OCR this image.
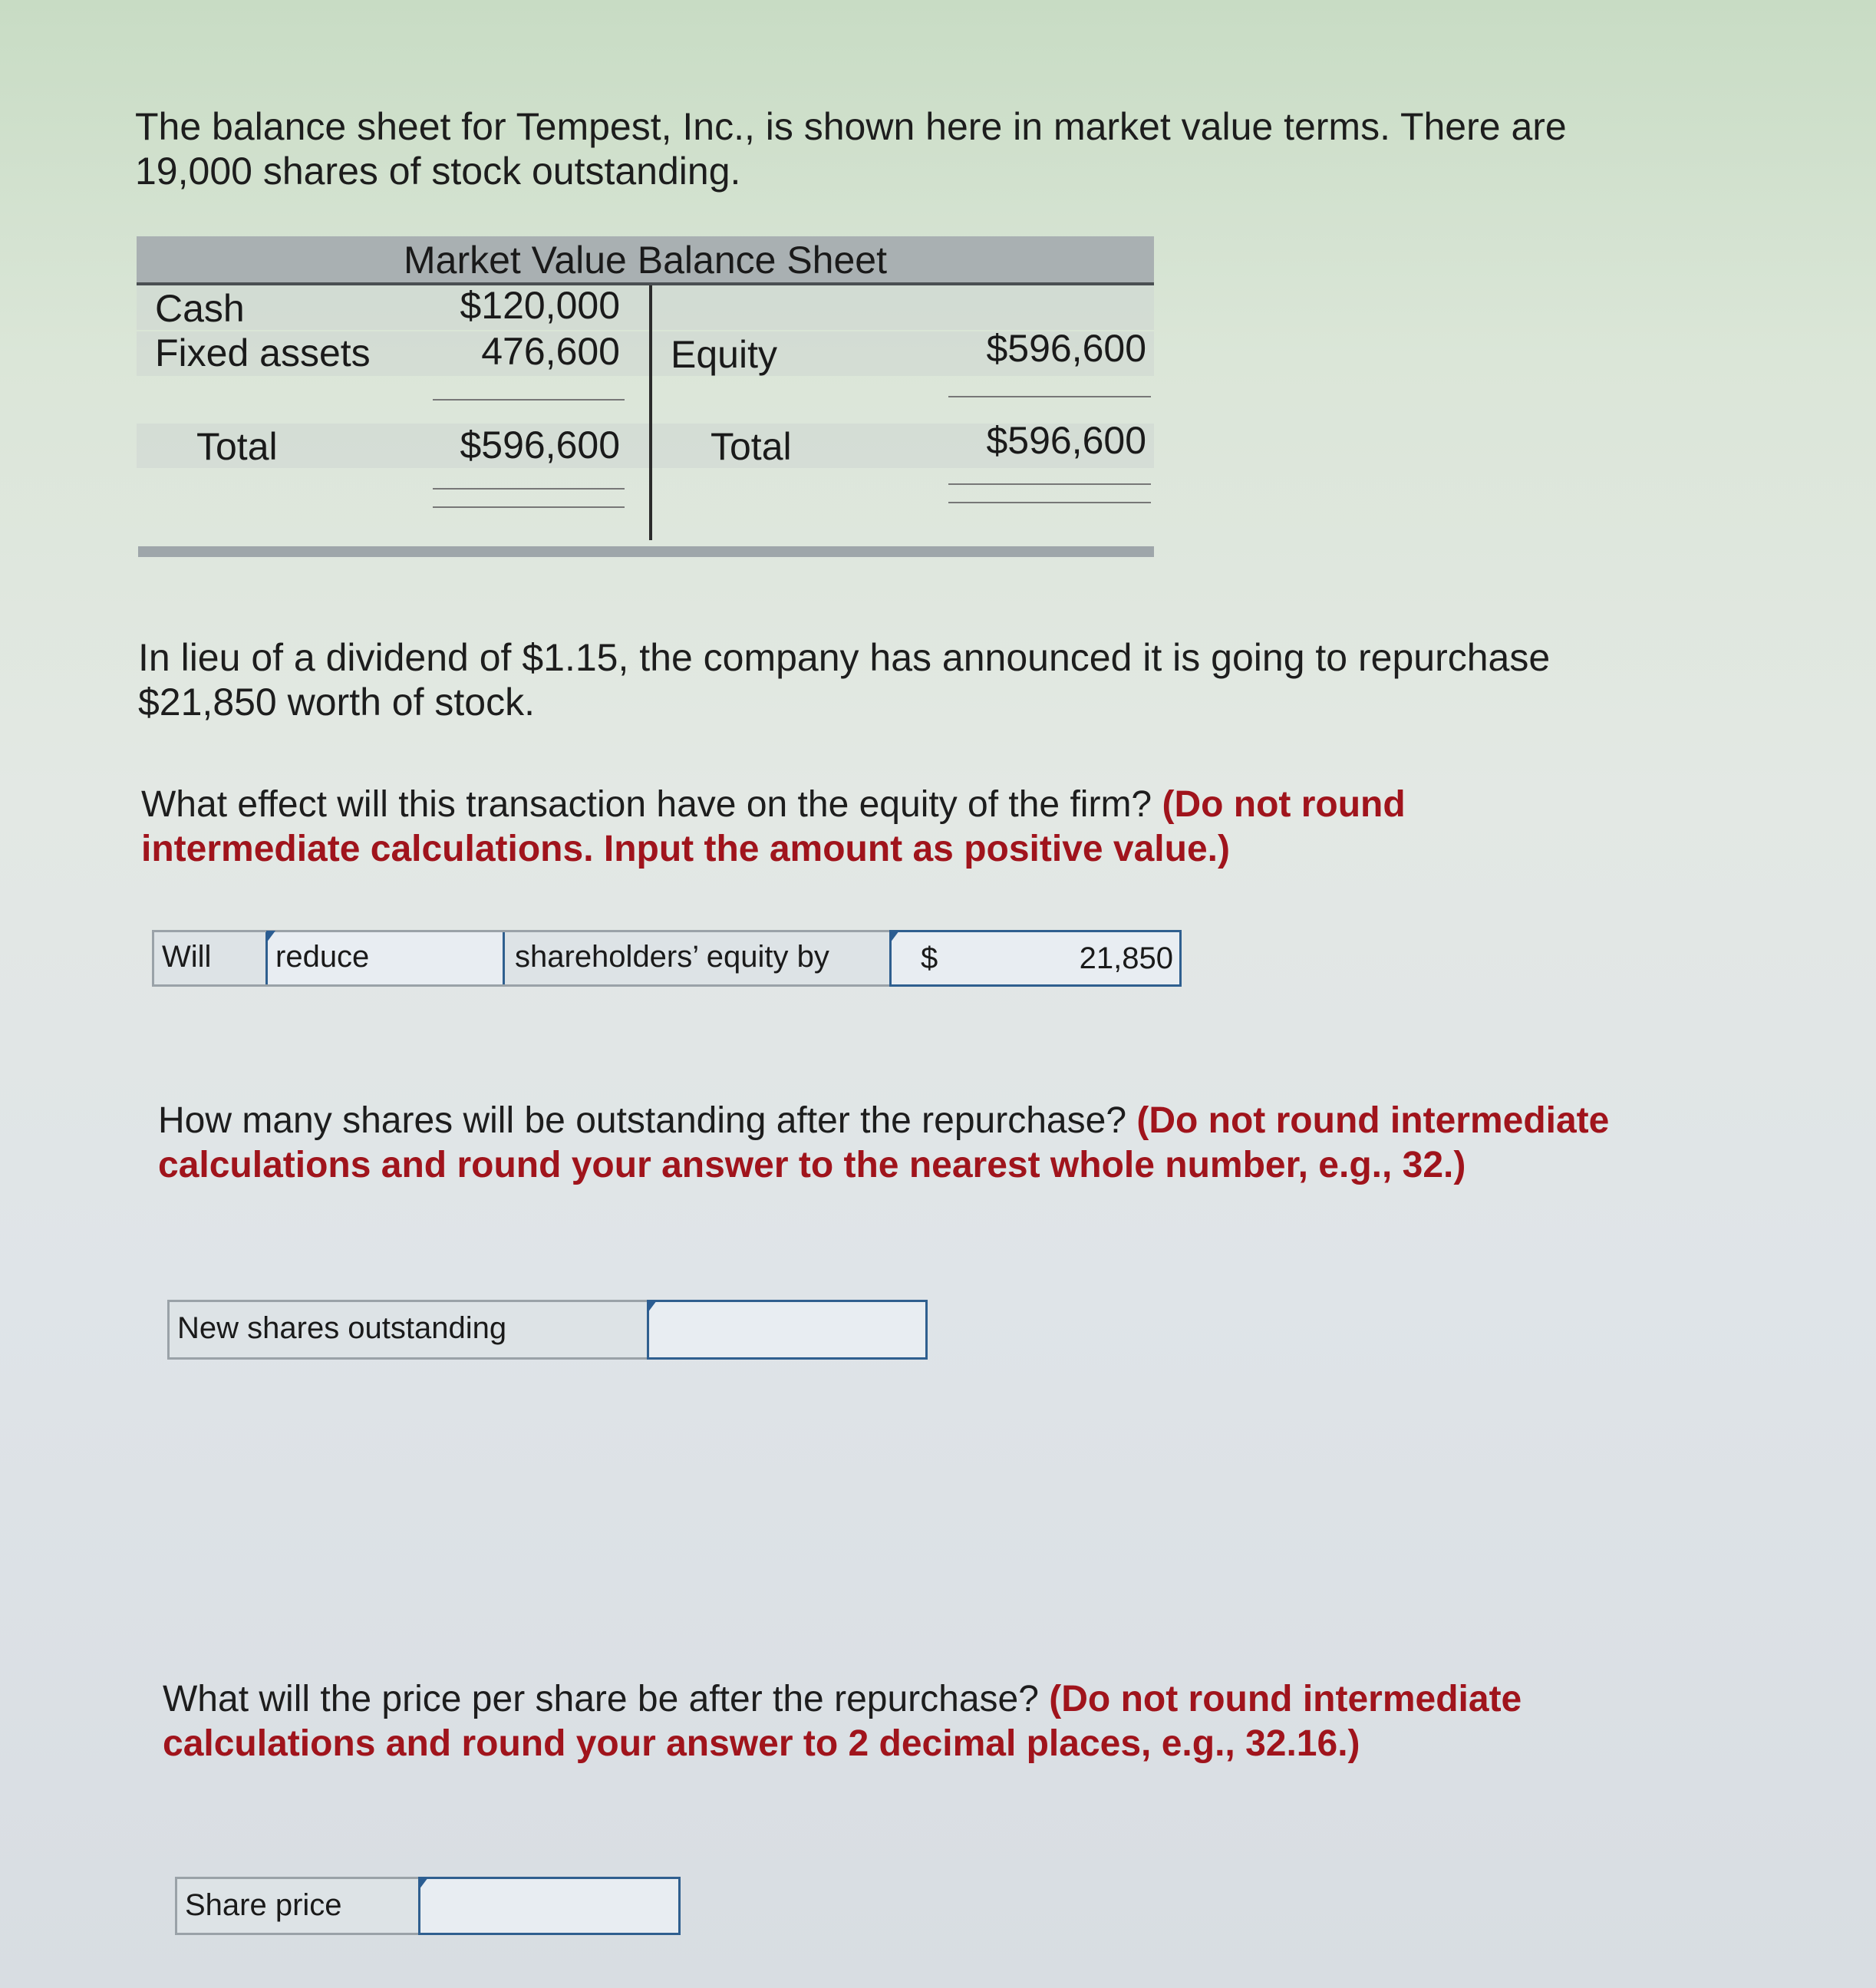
The balance sheet for Tempest, Inc., is shown here in market value terms. There are 19,000 shares of stock outstanding.
Market Value Balance Sheet
Cash	$120,000
Fixed assets	476,600 Equity	$596,600
Total	$596,600 Total	$596,600
In lieu of a dividend of $1.15, the company has announced it is going to repurchase $21,850 worth of stock.
What effect will this transaction have on the equity of the firm? (Do not round intermediate calculations. Input the amount as positive value.)
Will reduce	shareholders’ equity by	$	21,850
How many shares will be outstanding after the repurchase? (Do not round intermediate calculations and round your answer to the nearest whole number, e.g., 32.)
New shares outstanding
What will the price per share be after the repurchase? (Do not round intermediate calculations and round your answer to 2 decimal places, e.g., 32.16.)
Share price
